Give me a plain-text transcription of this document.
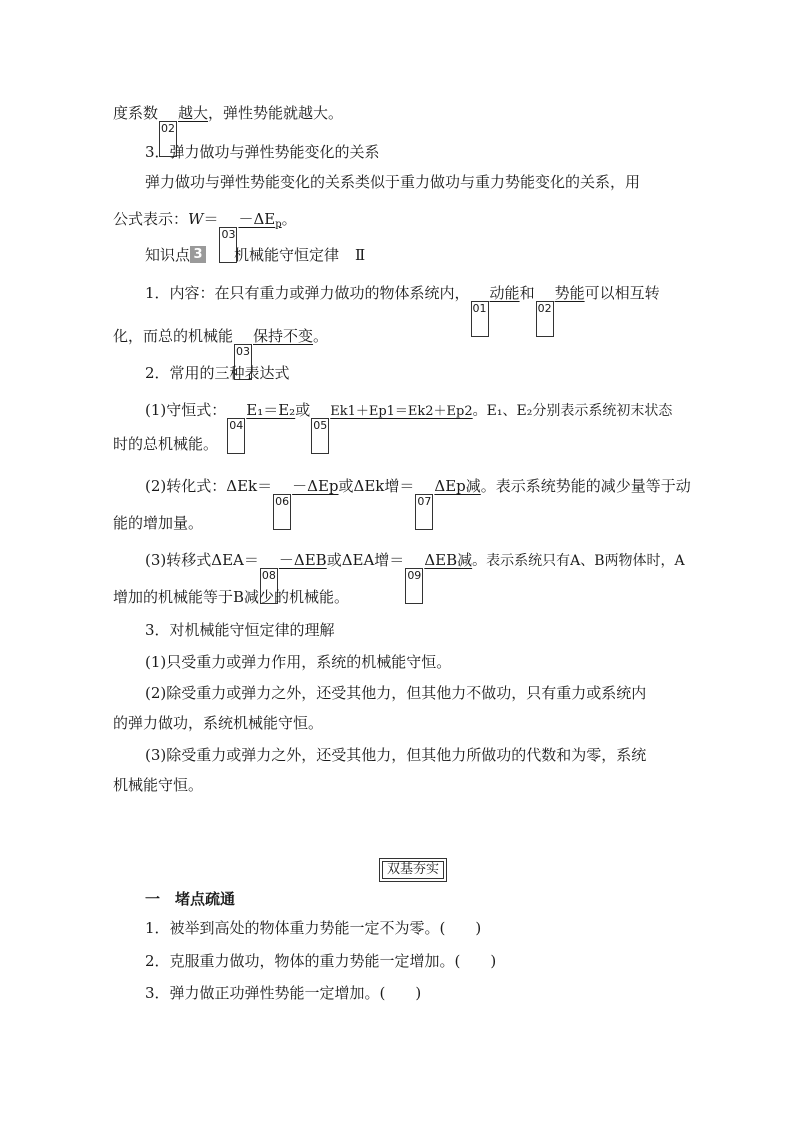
度系数02越大，弹性势能就越大。
3．弹力做功与弹性势能变化的关系
弹力做功与弹性势能变化的关系类似于重力做功与重力势能变化的关系，用
公式表示：$W=03-\Delta E_p$。
知识点 3 机械能守恒定律 Ⅱ
1．内容：在只有重力或弹力做功的物体系统内，01动能和02势能可以相互转
化，而总的机械能03保持不变。
2．常用的三种表达式
(1)守恒式：04E₁＝E₂或05Ek1＋Ep1＝Ek2＋Ep2。E₁、E₂分别表示系统初末状态
时的总机械能。
(2)转化式：ΔEk＝06－ΔEp或ΔEk增＝07ΔEp减。表示系统势能的减少量等于动
能的增加量。
(3)转移式ΔEA＝08－ΔEB或ΔEA增＝09ΔEB减。表示系统只有A、B两物体时，A
增加的机械能等于B减少的机械能。
3．对机械能守恒定律的理解
(1)只受重力或弹力作用，系统的机械能守恒。
(2)除受重力或弹力之外，还受其他力，但其他力不做功，只有重力或系统内
的弹力做功，系统机械能守恒。
(3)除受重力或弹力之外，还受其他力，但其他力所做功的代数和为零，系统
机械能守恒。
双基夯实
一　堵点疏通
1．被举到高处的物体重力势能一定不为零。(　　)
2．克服重力做功，物体的重力势能一定增加。(　　)
3．弹力做正功弹性势能一定增加。(　　)
